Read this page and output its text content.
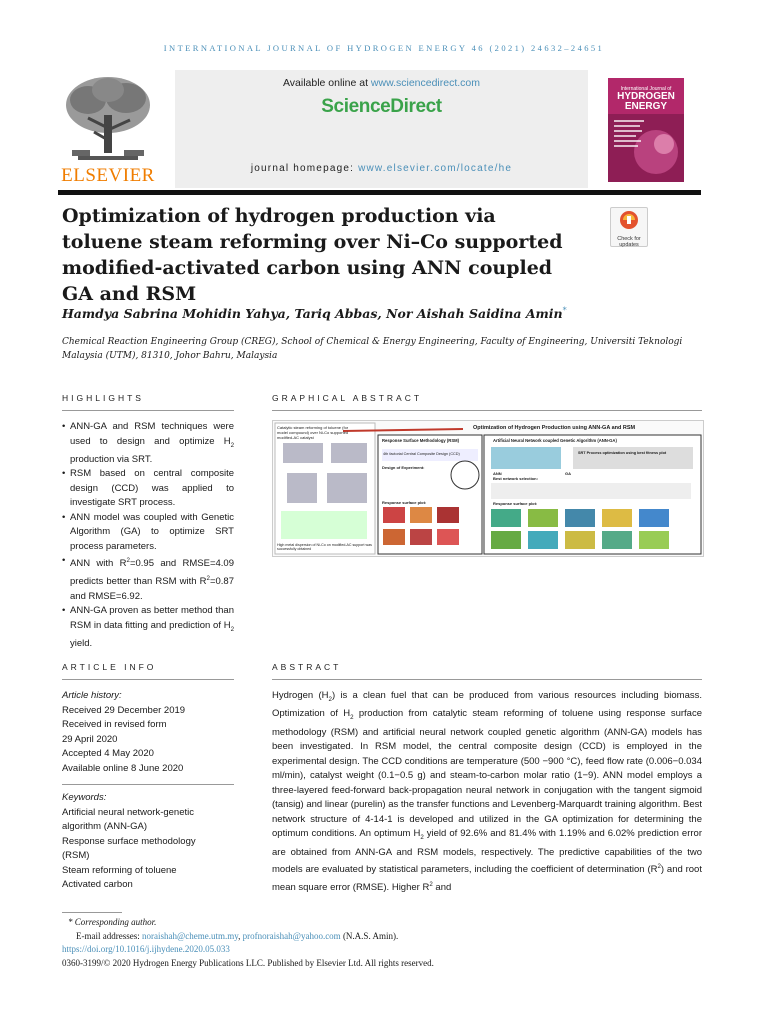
INTERNATIONAL JOURNAL OF HYDROGEN ENERGY 46 (2021) 24632–24651
ELSEVIER
Available online at www.sciencedirect.com
ScienceDirect
journal homepage: www.elsevier.com/locate/he
International Journal of
HYDROGEN ENERGY
Optimization of hydrogen production via toluene steam reforming over Ni–Co supported modified-activated carbon using ANN coupled GA and RSM
Check for
updates
Hamdya Sabrina Mohidin Yahya, Tariq Abbas, Nor Aishah Saidina Amin*
Chemical Reaction Engineering Group (CREG), School of Chemical & Energy Engineering, Faculty of Engineering, Universiti Teknologi Malaysia (UTM), 81310, Johor Bahru, Malaysia
HIGHLIGHTS

• ANN-GA and RSM techniques were used to design and optimize $H_2$ production via SRT.

• RSM based on central composite design (CCD) was applied to investigate SRT process.

• ANN model was coupled with Genetic Algorithm (GA) to optimize SRT process parameters.

• ANN with $R^2=0.95$ and RMSE=4.09 predicts better than RSM with $R^2=0.87$ and RMSE=6.92.

• ANN-GA proven as better method than RSM in data fitting and prediction of $H_2$ yield.

GRAPHICAL ABSTRACT
Optimization of Hydrogen Production using ANN-GA and RSM
Catalytic steam reforming of toluene (for model compound) over Ni-Co supported modified-AC catalyst
High metal dispersion of Ni-Co on modified-AC support was successfully obtained
Response Surface Methodology (RSM)
4th factorial Central Composite Design (CCD)
Design of Experiment:
Response surface plot:
Artificial Neural Network coupled Genetic Algorithm (ANN-GA)
ANN	GA
SRT Process optimization using best fitness plot
Best network selection:
Response surface plot:
ARTICLE INFO
Article history:
Received 29 December 2019
Received in revised form
29 April 2020
Accepted 4 May 2020
Available online 8 June 2020
Keywords:
Artificial neural network-genetic
algorithm (ANN-GA)
Response surface methodology
(RSM)
Steam reforming of toluene
Activated carbon
ABSTRACT
Hydrogen $(H_2)$ is a clean fuel that can be produced from various resources including biomass. Optimization of $H_2$ production from catalytic steam reforming of toluene using response surface methodology (RSM) and artificial neural network coupled genetic algorithm (ANN-GA) models has been investigated. In RSM model, the central composite design (CCD) is employed in the experimental design. The CCD conditions are temperature (500 −900 °C), feed flow rate (0.006−0.034 ml/min), catalyst weight (0.1−0.5 g) and steam-to-carbon molar ratio (1−9). ANN model employs a three-layered feed-forward back-propagation neural network in conjugation with the tangent sigmoid (tansig) and linear (purelin) as the transfer functions and Levenberg-Marquardt training algorithm. Best network structure of 4-14-1 is developed and utilized in the GA optimization for determining the optimum conditions. An optimum $H_2$ yield of 92.6% and 81.4% with 1.19% and 6.02% prediction error are obtained from ANN-GA and RSM models, respectively. The predictive capabilities of the two models are evaluated by statistical parameters, including the coefficient of determination $(R^2)$ and root mean square error (RMSE). Higher $R^2$ and
* Corresponding author.
E-mail addresses: noraishah@cheme.utm.my, profnoraishah@yahoo.com (N.A.S. Amin).
https://doi.org/10.1016/j.ijhydene.2020.05.033
0360-3199/© 2020 Hydrogen Energy Publications LLC. Published by Elsevier Ltd. All rights reserved.
